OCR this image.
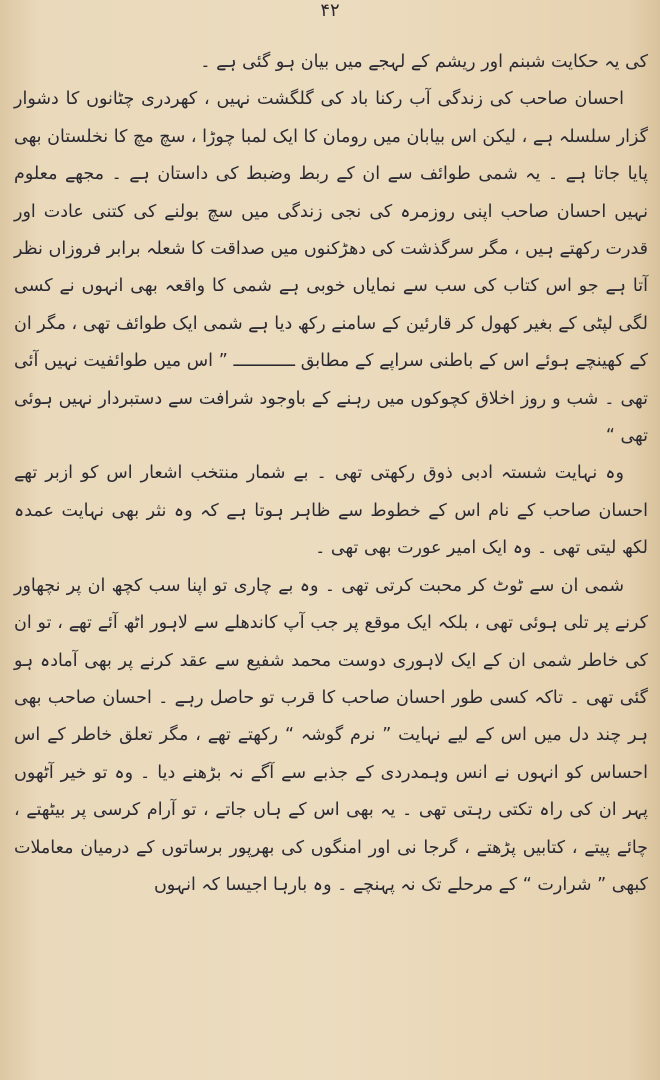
۴۲

کی یہ حکایت شبنم اور ریشم کے لہجے میں بیان ہو گئی ہے ۔

احسان صاحب کی زندگی آب رکنا باد کی گلگشت نہیں ، کھردری چٹانوں کا دشوار گزار سلسلہ ہے ، لیکن اس بیابان میں رومان کا ایک لمبا چوڑا ، سچ مچ کا نخلستان بھی پایا جاتا ہے ۔ یہ شمی طوائف سے ان کے ربط وضبط کی داستان ہے ۔ مجھے معلوم نہیں احسان صاحب اپنی روزمرہ کی نجی زندگی میں سچ بولنے کی کتنی عادت اور قدرت رکھتے ہیں ، مگر سرگذشت کی دھڑکنوں میں صداقت کا شعلہ برابر فروزاں نظر آتا ہے جو اس کتاب کی سب سے نمایاں خوبی ہے شمی کا واقعہ بھی انہوں نے کسی لگی لپٹی کے بغیر کھول کر قارئین کے سامنے رکھ دیا ہے شمی ایک طوائف تھی ، مگر ان کے کھینچے ہوئے اس کے باطنی سراپے کے مطابق ــــــــــــ ” اس میں طوائفیت نہیں آئی تھی ۔ شب و روز اخلاق کچوکوں میں رہنے کے باوجود شرافت سے دستبردار نہیں ہوئی تھی “

وہ نہایت شستہ ادبی ذوق رکھتی تھی ۔ بے شمار منتخب اشعار اس کو ازبر تھے احسان صاحب کے نام اس کے خطوط سے ظاہر ہوتا ہے کہ وہ نثر بھی نہایت عمدہ لکھ لیتی تھی ۔ وہ ایک امیر عورت بھی تھی ۔

شمی ان سے ٹوٹ کر محبت کرتی تھی ۔ وہ بے چاری تو اپنا سب کچھ ان پر نچھاور کرنے پر تلی ہوئی تھی ، بلکہ ایک موقع پر جب آپ کاندھلے سے لاہور اٹھ آئے تھے ، تو ان کی خاطر شمی ان کے ایک لاہوری دوست محمد شفیع سے عقد کرنے پر بھی آمادہ ہو گئی تھی ۔ تاکہ کسی طور احسان صاحب کا قرب تو حاصل رہے ۔ احسان صاحب بھی ہر چند دل میں اس کے لیے نہایت ” نرم گوشہ “ رکھتے تھے ، مگر تعلق خاطر کے اس احساس کو انہوں نے انس وہمدردی کے جذبے سے آگے نہ بڑھنے دیا ۔ وہ تو خیر آٹھوں پہر ان کی راہ تکتی رہتی تھی ۔ یہ بھی اس کے ہاں جاتے ، تو آرام کرسی پر بیٹھتے ، چائے پیتے ، کتابیں پڑھتے ، گرجا نی اور امنگوں کی بھرپور برساتوں کے درمیان معاملات کبھی ” شرارت “ کے مرحلے تک نہ پہنچے ۔ وہ بارہا اجیسا کہ انہوں
